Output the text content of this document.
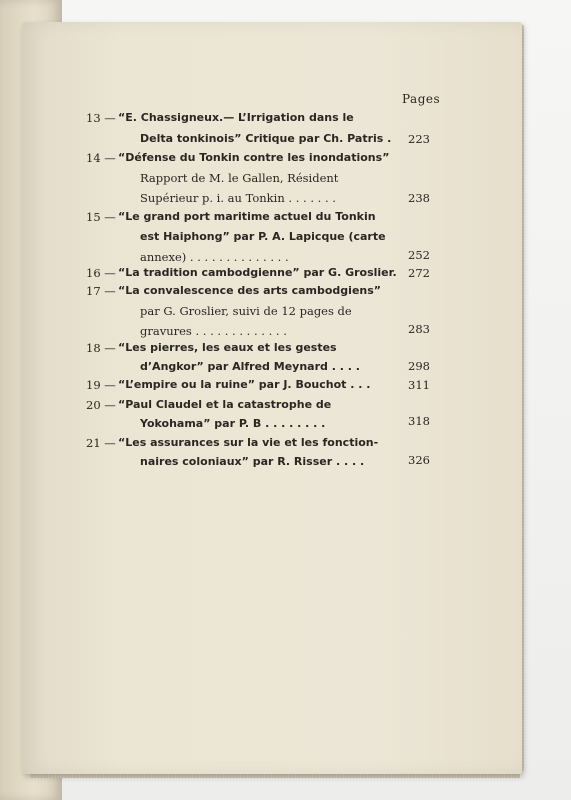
Pages
13 — “E. Chassigneux.— L’Irrigation dans le
Delta tonkinois” Critique par Ch. Patris .	223
14 — “Défense du Tonkin contre les inondations”
Rapport de M. le Gallen, Résident
Supérieur p. i. au Tonkin . . . . . . .	238
15 — “Le grand port maritime actuel du Tonkin
est Haiphong” par P. A. Lapicque (carte
annexe) . . . . . . . . . . . . . .	252
16 — “La tradition cambodgienne” par G. Groslier. 272
17 — “La convalescence des arts cambodgiens”
par G. Groslier, suivi de 12 pages de
gravures . . . . . . . . . . . . .	283
18 — “Les pierres, les eaux et les gestes
d’Angkor” par Alfred Meynard . . . .	298
19 — “L’empire ou la ruine” par J. Bouchot . . .	311
20 — “Paul Claudel et la catastrophe de
Yokohama” par P. B . . . . . . . .	318
21 — “Les assurances sur la vie et les fonction-
naires coloniaux” par R. Risser . . . .	326
